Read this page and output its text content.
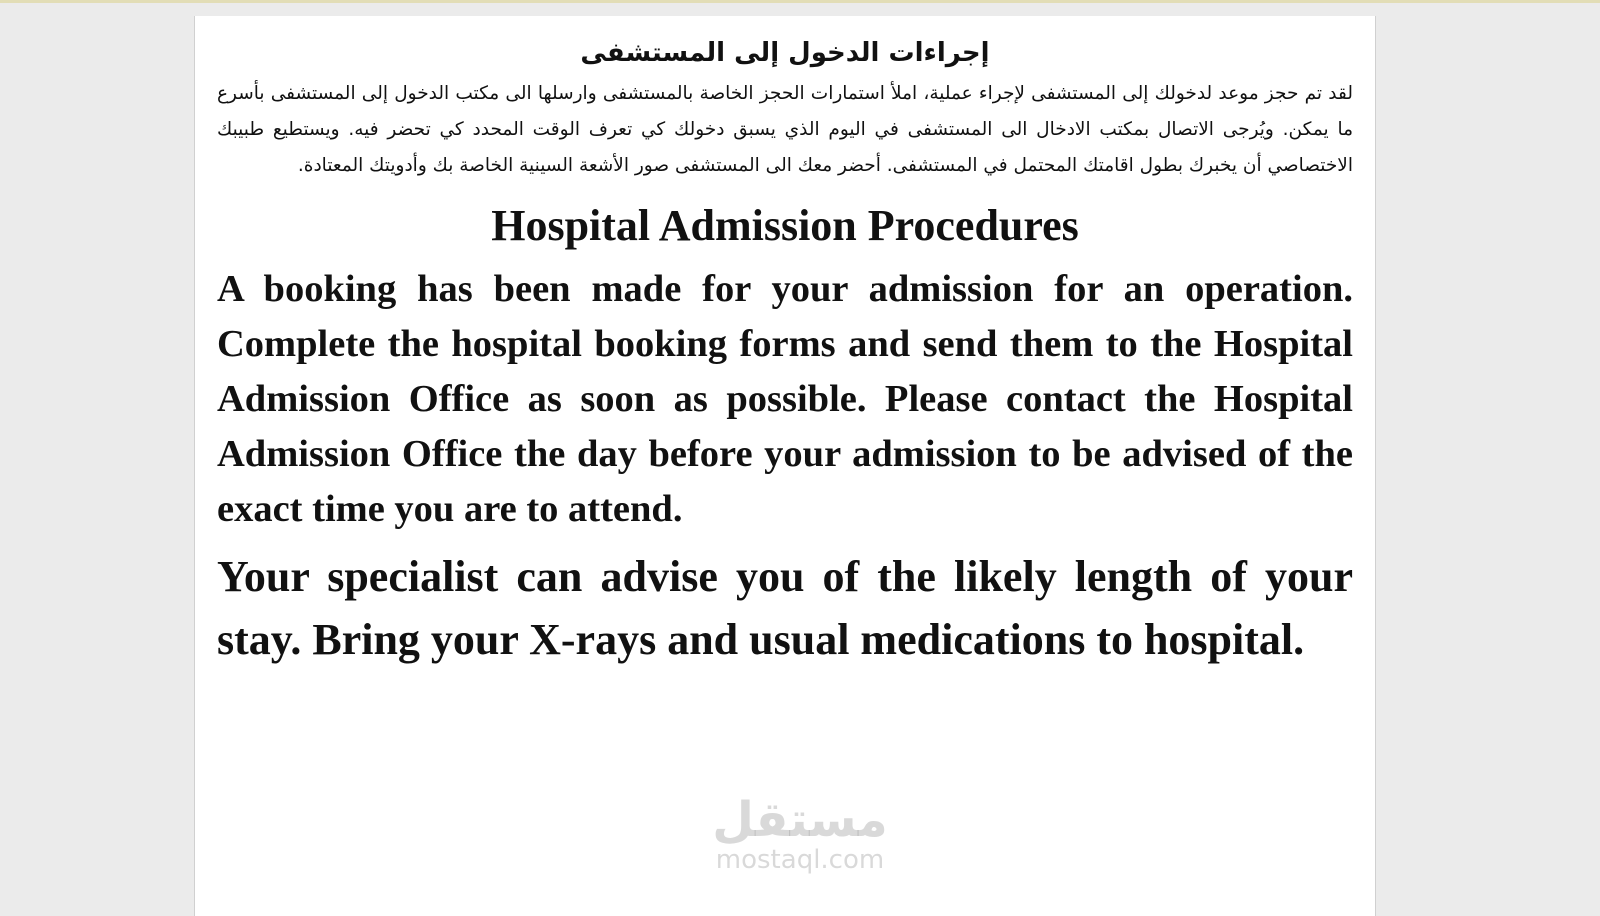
إجراءات الدخول إلى المستشفى

لقد تم حجز موعد لدخولك إلى المستشفى لإجراء عملية، املأ استمارات الحجز الخاصة بالمستشفى وارسلها الى مكتب الدخول إلى المستشفى بأسرع ما يمكن. ويُرجى الاتصال بمكتب الادخال الى المستشفى في اليوم الذي يسبق دخولك كي تعرف الوقت المحدد كي تحضر فيه. ويستطيع طبيبك الاختصاصي أن يخبرك بطول اقامتك المحتمل في المستشفى. أحضر معك الى المستشفى صور الأشعة السينية الخاصة بك وأدويتك المعتادة.

Hospital Admission Procedures

A booking has been made for your admission for an operation. Complete the hospital booking forms and send them to the Hospital Admission Office as soon as possible. Please contact the Hospital Admission Office the day before your admission to be advised of the exact time you are to attend.

Your specialist can advise you of the likely length of your stay. Bring your X-rays and usual medications to hospital.

مستقل
mostaql.com
